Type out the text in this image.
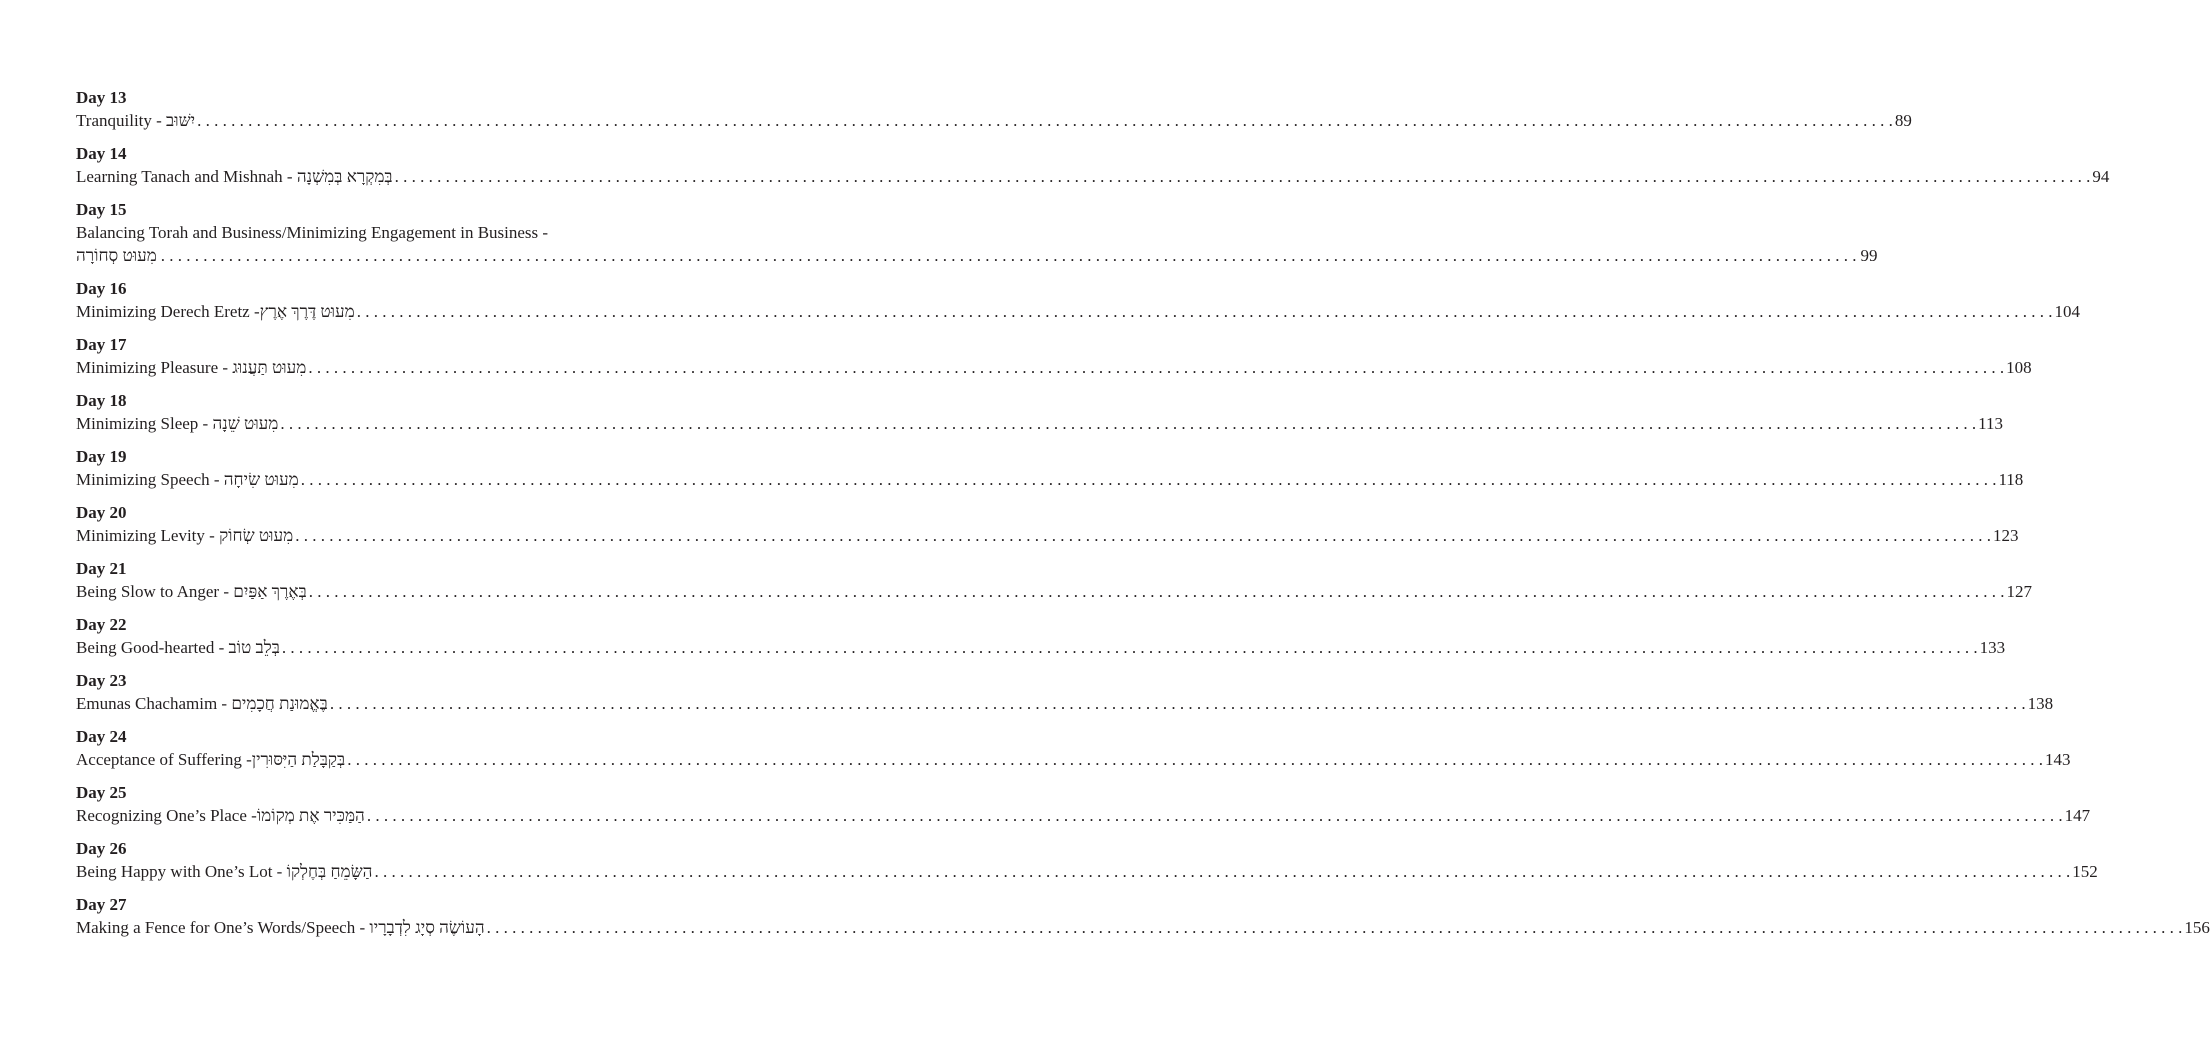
Day 13
Tranquility - יִשּׁוּב . . . . . . . . . . . . . . . . . . . . . . . . . . . . . . . . . . . . . . . . . . . . . . . . . . . . . . . . . . . . . . . . . . . . . . . . . . . . . . . . . . . . . . . . . . . . . . . . . . . . . . . . . . . . . . . . . . . . . . . . . . . . . . . . . . . . . . . . . . . . . . . . . . . . . . . . . . . . . . . . . . . . . . . . . . . . . . . . . . . . . . . . . . . . . . . . . . . . . . . . 89
Day 14
Learning Tanach and Mishnah - בְּמִקְרָא בְּמִשְׁנָה . . . . . . . . . . . . . . . . . . . . . . . . . . . . . . . . . . . . . . . . . . . . . . . . . . . . . . . . . . . . . . . . . . . . . . . . . . . . . . . . . . . . . . . . . . . . . . . . . . . . . . . . . . . . . . . . . . . . . . . . . . . . . . . . . . . . . . . . . . . . . . . . . . . . . . . . . . . . . . . . . . . . . . . . . . . . . . . . . . . . . . . . . . . . . . . . . . . . . . . . 94
Day 15
Balancing Torah and Business/Minimizing Engagement in Business -
מִעוּט סְחוֹרָה . . . . . . . . . . . . . . . . . . . . . . . . . . . . . . . . . . . . . . . . . . . . . . . . . . . . . . . . . . . . . . . . . . . . . . . . . . . . . . . . . . . . . . . . . . . . . . . . . . . . . . . . . . . . . . . . . . . . . . . . . . . . . . . . . . . . . . . . . . . . . . . . . . . . . . . . . . . . . . . . . . . . . . . . . . . . . . . . . . . . . . . . . . . . . . . . . . . . . . . . 99
Day 16
Minimizing Derech Eretz -מִעוּט דֶּרֶךְ אֶרֶץ . . . . . . . . . . . . . . . . . . . . . . . . . . . . . . . . . . . . . . . . . . . . . . . . . . . . . . . . . . . . . . . . . . . . . . . . . . . . . . . . . . . . . . . . . . . . . . . . . . . . . . . . . . . . . . . . . . . . . . . . . . . . . . . . . . . . . . . . . . . . . . . . . . . . . . . . . . . . . . . . . . . . . . . . . . . . . . . . . . . . . . . . . . . . . . . . . . . . . . . . 104
Day 17
Minimizing Pleasure - מִעוּט תַּעֲנוּג . . . . . . . . . . . . . . . . . . . . . . . . . . . . . . . . . . . . . . . . . . . . . . . . . . . . . . . . . . . . . . . . . . . . . . . . . . . . . . . . . . . . . . . . . . . . . . . . . . . . . . . . . . . . . . . . . . . . . . . . . . . . . . . . . . . . . . . . . . . . . . . . . . . . . . . . . . . . . . . . . . . . . . . . . . . . . . . . . . . . . . . . . . . . . . . . . . . . . . . . 108
Day 18
Minimizing Sleep - מִעוּט שֵׁנָה . . . . . . . . . . . . . . . . . . . . . . . . . . . . . . . . . . . . . . . . . . . . . . . . . . . . . . . . . . . . . . . . . . . . . . . . . . . . . . . . . . . . . . . . . . . . . . . . . . . . . . . . . . . . . . . . . . . . . . . . . . . . . . . . . . . . . . . . . . . . . . . . . . . . . . . . . . . . . . . . . . . . . . . . . . . . . . . . . . . . . . . . . . . . . . . . . . . . . . . . 113
Day 19
Minimizing Speech - מִעוּט שִׂיחָה . . . . . . . . . . . . . . . . . . . . . . . . . . . . . . . . . . . . . . . . . . . . . . . . . . . . . . . . . . . . . . . . . . . . . . . . . . . . . . . . . . . . . . . . . . . . . . . . . . . . . . . . . . . . . . . . . . . . . . . . . . . . . . . . . . . . . . . . . . . . . . . . . . . . . . . . . . . . . . . . . . . . . . . . . . . . . . . . . . . . . . . . . . . . . . . . . . . . . . . . 118
Day 20
Minimizing Levity - מִעוּט שְׂחוֹק . . . . . . . . . . . . . . . . . . . . . . . . . . . . . . . . . . . . . . . . . . . . . . . . . . . . . . . . . . . . . . . . . . . . . . . . . . . . . . . . . . . . . . . . . . . . . . . . . . . . . . . . . . . . . . . . . . . . . . . . . . . . . . . . . . . . . . . . . . . . . . . . . . . . . . . . . . . . . . . . . . . . . . . . . . . . . . . . . . . . . . . . . . . . . . . . . . . . . . . . 123
Day 21
Being Slow to Anger - בְּאֶרֶךְ אַפַּיִם . . . . . . . . . . . . . . . . . . . . . . . . . . . . . . . . . . . . . . . . . . . . . . . . . . . . . . . . . . . . . . . . . . . . . . . . . . . . . . . . . . . . . . . . . . . . . . . . . . . . . . . . . . . . . . . . . . . . . . . . . . . . . . . . . . . . . . . . . . . . . . . . . . . . . . . . . . . . . . . . . . . . . . . . . . . . . . . . . . . . . . . . . . . . . . . . . . . . . . . . 127
Day 22
Being Good-hearted - בְּלֵב טוֹב . . . . . . . . . . . . . . . . . . . . . . . . . . . . . . . . . . . . . . . . . . . . . . . . . . . . . . . . . . . . . . . . . . . . . . . . . . . . . . . . . . . . . . . . . . . . . . . . . . . . . . . . . . . . . . . . . . . . . . . . . . . . . . . . . . . . . . . . . . . . . . . . . . . . . . . . . . . . . . . . . . . . . . . . . . . . . . . . . . . . . . . . . . . . . . . . . . . . . . . . 133
Day 23
Emunas Chachamim - בֶּאֱמוּנַת חֲכָמִים . . . . . . . . . . . . . . . . . . . . . . . . . . . . . . . . . . . . . . . . . . . . . . . . . . . . . . . . . . . . . . . . . . . . . . . . . . . . . . . . . . . . . . . . . . . . . . . . . . . . . . . . . . . . . . . . . . . . . . . . . . . . . . . . . . . . . . . . . . . . . . . . . . . . . . . . . . . . . . . . . . . . . . . . . . . . . . . . . . . . . . . . . . . . . . . . . . . . . . . . 138
Day 24
Acceptance of Suffering -בְּקַבָּלַת הַיִּסּוּרִין . . . . . . . . . . . . . . . . . . . . . . . . . . . . . . . . . . . . . . . . . . . . . . . . . . . . . . . . . . . . . . . . . . . . . . . . . . . . . . . . . . . . . . . . . . . . . . . . . . . . . . . . . . . . . . . . . . . . . . . . . . . . . . . . . . . . . . . . . . . . . . . . . . . . . . . . . . . . . . . . . . . . . . . . . . . . . . . . . . . . . . . . . . . . . . . . . . . . . . . . 143
Day 25
Recognizing One’s Place -הַמַּכִּיר אֶת מְקוֹמוֹ . . . . . . . . . . . . . . . . . . . . . . . . . . . . . . . . . . . . . . . . . . . . . . . . . . . . . . . . . . . . . . . . . . . . . . . . . . . . . . . . . . . . . . . . . . . . . . . . . . . . . . . . . . . . . . . . . . . . . . . . . . . . . . . . . . . . . . . . . . . . . . . . . . . . . . . . . . . . . . . . . . . . . . . . . . . . . . . . . . . . . . . . . . . . . . . . . . . . . . . . 147
Day 26
Being Happy with One’s Lot - הַשָּׂמֵחַ בְּחֶלְקוֹ . . . . . . . . . . . . . . . . . . . . . . . . . . . . . . . . . . . . . . . . . . . . . . . . . . . . . . . . . . . . . . . . . . . . . . . . . . . . . . . . . . . . . . . . . . . . . . . . . . . . . . . . . . . . . . . . . . . . . . . . . . . . . . . . . . . . . . . . . . . . . . . . . . . . . . . . . . . . . . . . . . . . . . . . . . . . . . . . . . . . . . . . . . . . . . . . . . . . . . . . 152
Day 27
Making a Fence for One’s Words/Speech - הָעוֹשֶׂה סְיָג לִדְבָרָיו . . . . . . . . . . . . . . . . . . . . . . . . . . . . . . . . . . . . . . . . . . . . . . . . . . . . . . . . . . . . . . . . . . . . . . . . . . . . . . . . . . . . . . . . . . . . . . . . . . . . . . . . . . . . . . . . . . . . . . . . . . . . . . . . . . . . . . . . . . . . . . . . . . . . . . . . . . . . . . . . . . . . . . . . . . . . . . . . . . . . . . . . . . . . . . . . . . . . . . . . 156
